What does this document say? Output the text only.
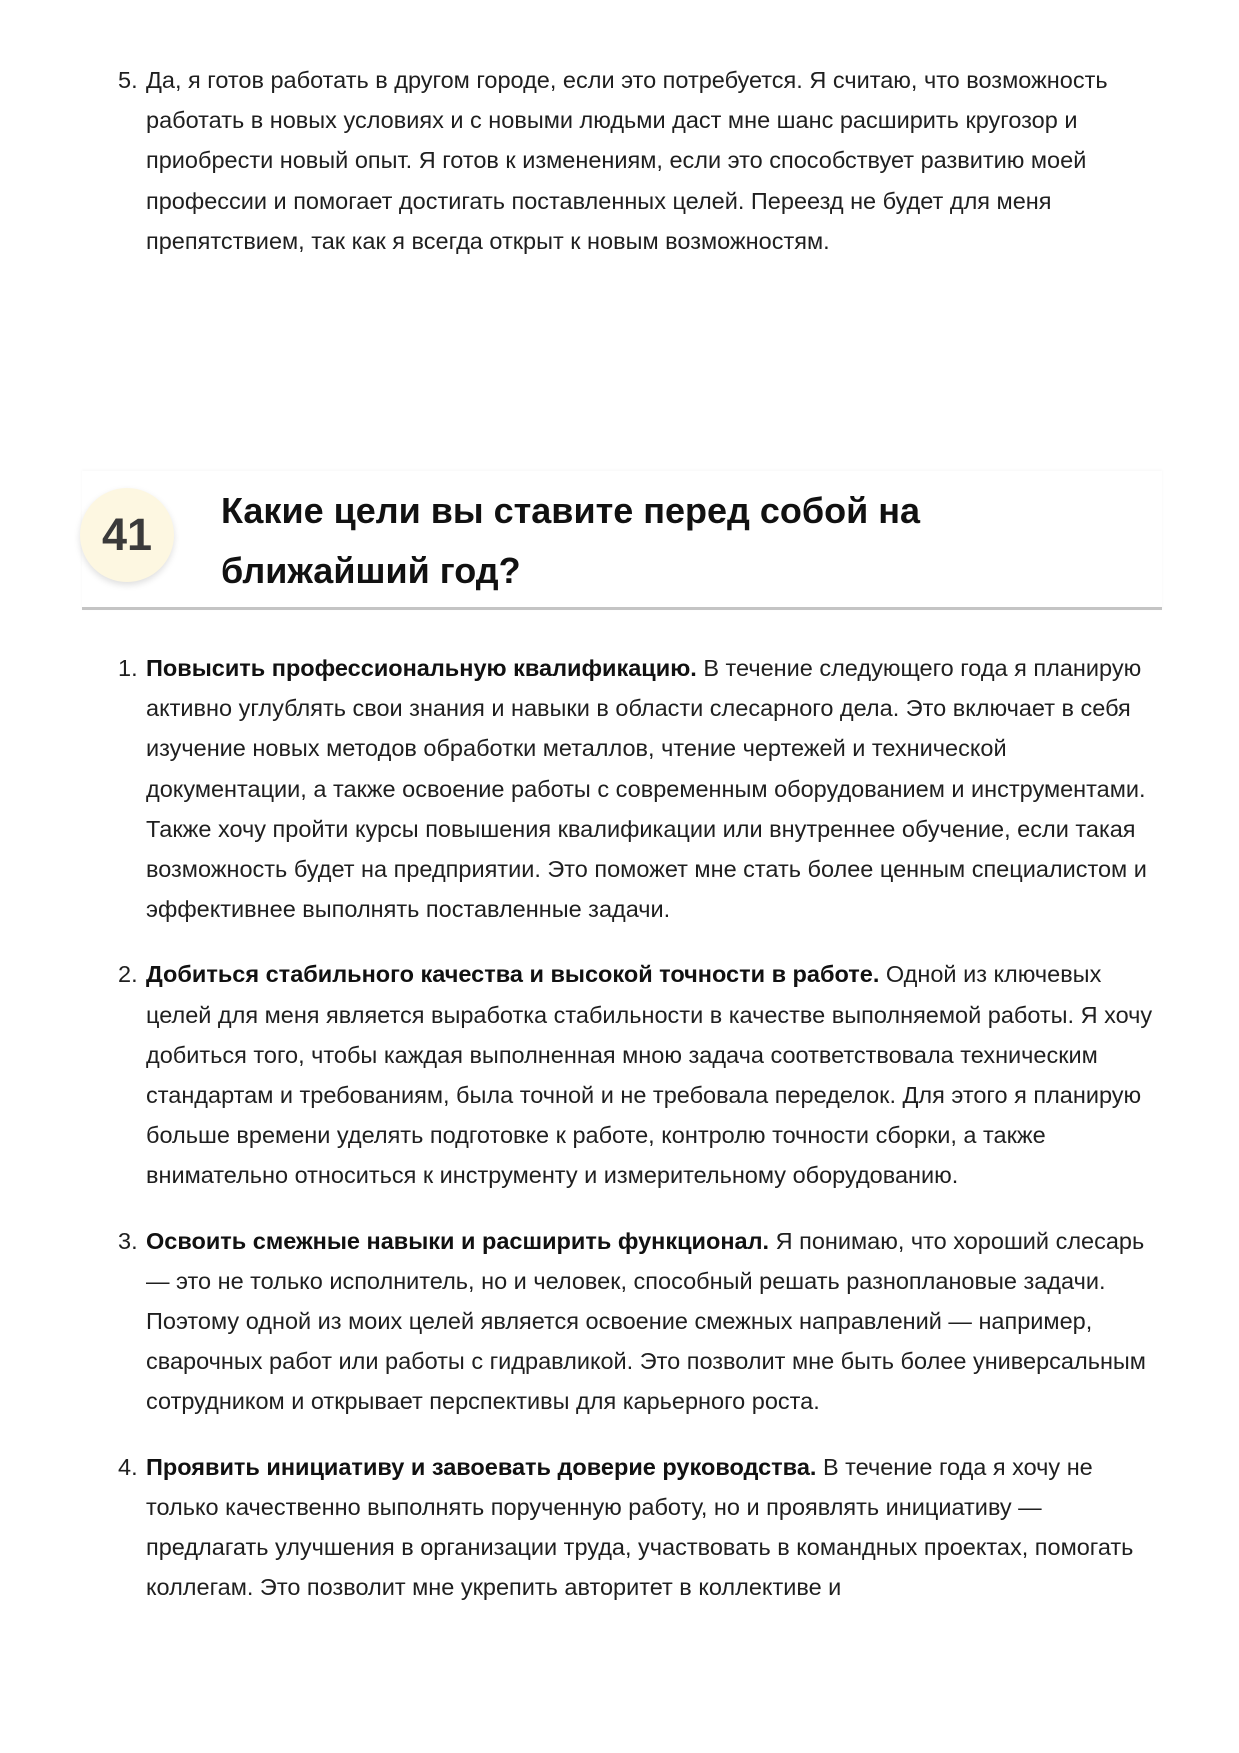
5. Да, я готов работать в другом городе, если это потребуется. Я считаю, что возможность работать в новых условиях и с новыми людьми даст мне шанс расширить кругозор и приобрести новый опыт. Я готов к изменениям, если это способствует развитию моей профессии и помогает достигать поставленных целей. Переезд не будет для меня препятствием, так как я всегда открыт к новым возможностям.
41	Какие цели вы ставите перед собой на ближайший год?
1. Повысить профессиональную квалификацию. В течение следующего года я планирую активно углублять свои знания и навыки в области слесарного дела. Это включает в себя изучение новых методов обработки металлов, чтение чертежей и технической документации, а также освоение работы с современным оборудованием и инструментами. Также хочу пройти курсы повышения квалификации или внутреннее обучение, если такая возможность будет на предприятии. Это поможет мне стать более ценным специалистом и эффективнее выполнять поставленные задачи.
2. Добиться стабильного качества и высокой точности в работе. Одной из ключевых целей для меня является выработка стабильности в качестве выполняемой работы. Я хочу добиться того, чтобы каждая выполненная мною задача соответствовала техническим стандартам и требованиям, была точной и не требовала переделок. Для этого я планирую больше времени уделять подготовке к работе, контролю точности сборки, а также внимательно относиться к инструменту и измерительному оборудованию.
3. Освоить смежные навыки и расширить функционал. Я понимаю, что хороший слесарь — это не только исполнитель, но и человек, способный решать разноплановые задачи. Поэтому одной из моих целей является освоение смежных направлений — например, сварочных работ или работы с гидравликой. Это позволит мне быть более универсальным сотрудником и открывает перспективы для карьерного роста.
4. Проявить инициативу и завоевать доверие руководства. В течение года я хочу не только качественно выполнять порученную работу, но и проявлять инициативу — предлагать улучшения в организации труда, участвовать в командных проектах, помогать коллегам. Это позволит мне укрепить авторитет в коллективе и
